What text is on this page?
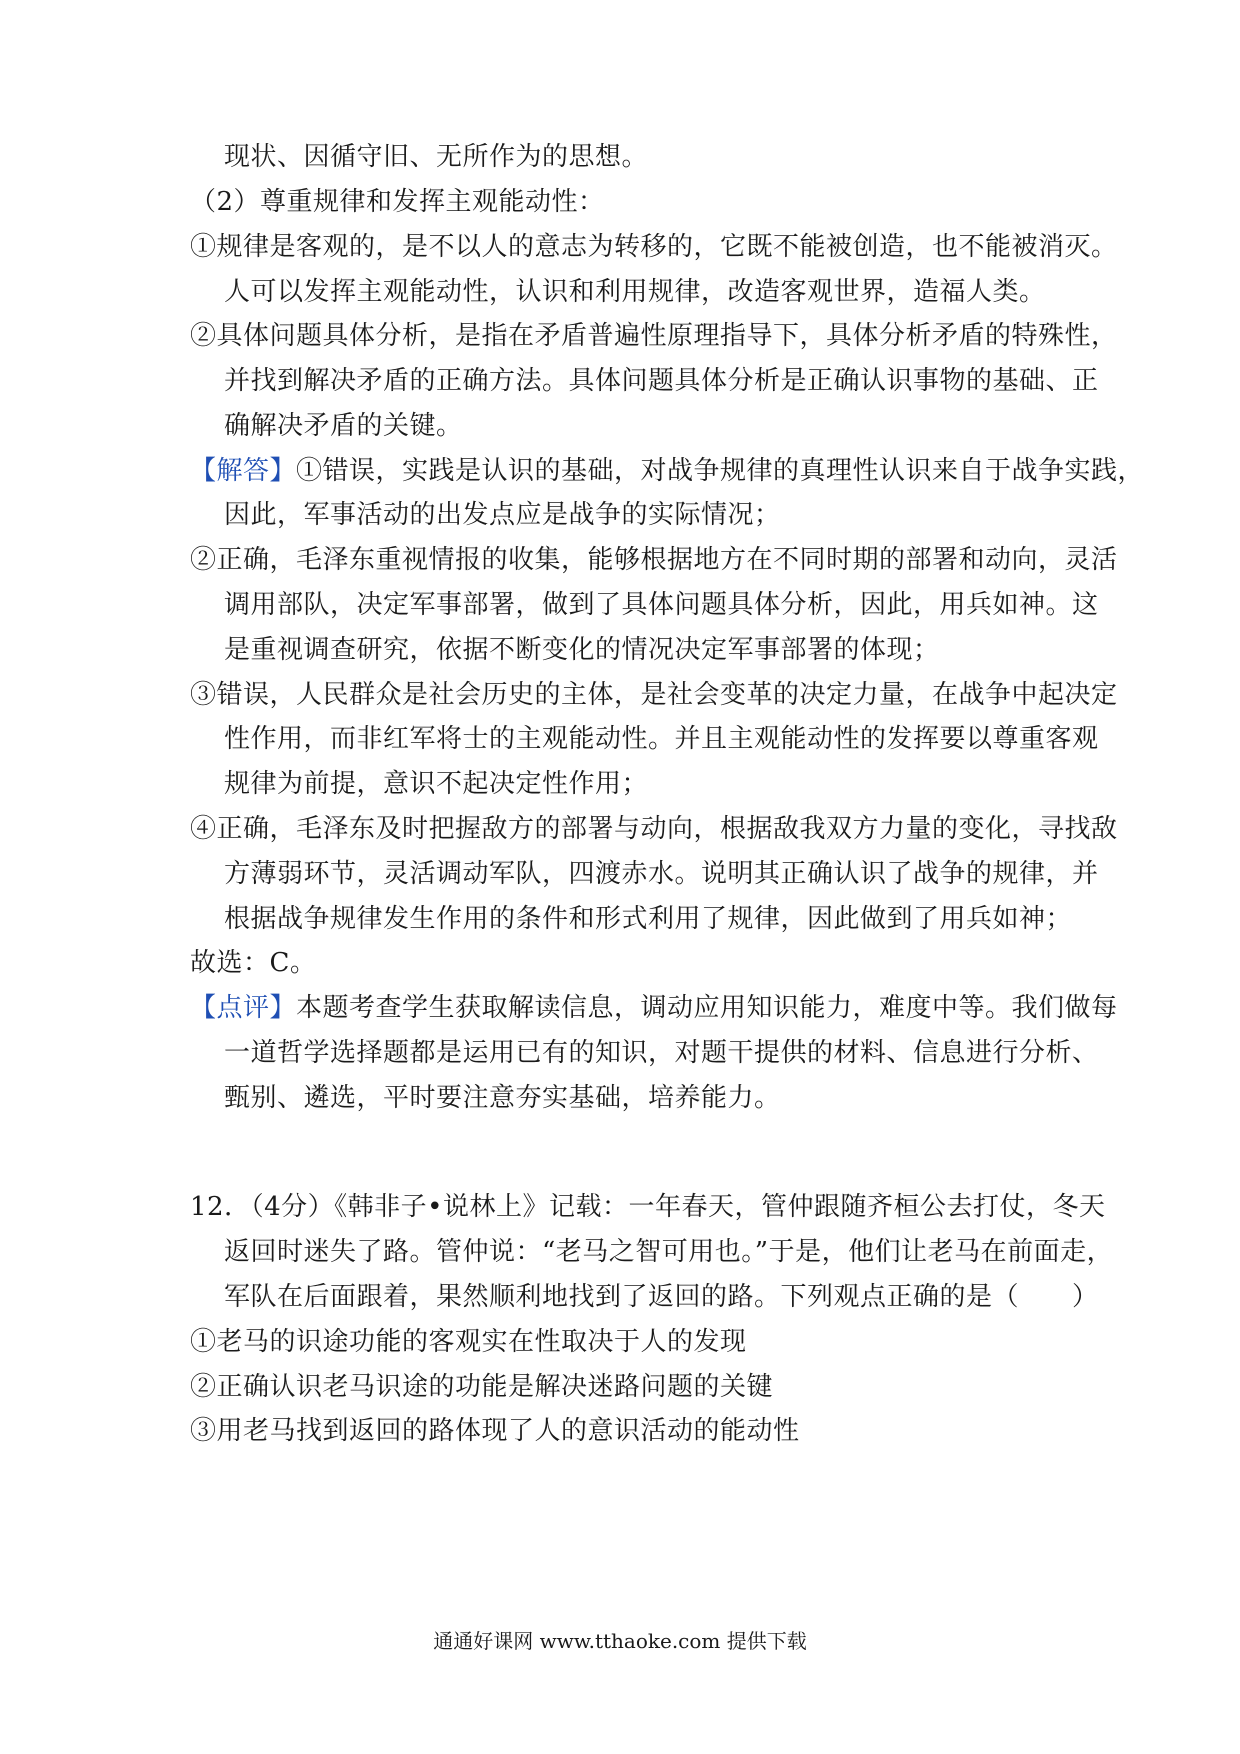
现状、因循守旧、无所作为的思想。
（2）尊重规律和发挥主观能动性：
①规律是客观的，是不以人的意志为转移的，它既不能被创造，也不能被消灭。
人可以发挥主观能动性，认识和利用规律，改造客观世界，造福人类。
②具体问题具体分析，是指在矛盾普遍性原理指导下，具体分析矛盾的特殊性，
并找到解决矛盾的正确方法。具体问题具体分析是正确认识事物的基础、正
确解决矛盾的关键。
【解答】①错误，实践是认识的基础，对战争规律的真理性认识来自于战争实践，
因此，军事活动的出发点应是战争的实际情况；
②正确，毛泽东重视情报的收集，能够根据地方在不同时期的部署和动向，灵活
调用部队，决定军事部署，做到了具体问题具体分析，因此，用兵如神。这
是重视调查研究，依据不断变化的情况决定军事部署的体现；
③错误，人民群众是社会历史的主体，是社会变革的决定力量，在战争中起决定
性作用，而非红军将士的主观能动性。并且主观能动性的发挥要以尊重客观
规律为前提，意识不起决定性作用；
④正确，毛泽东及时把握敌方的部署与动向，根据敌我双方力量的变化，寻找敌
方薄弱环节，灵活调动军队，四渡赤水。说明其正确认识了战争的规律，并
根据战争规律发生作用的条件和形式利用了规律，因此做到了用兵如神；
故选：C。
【点评】本题考查学生获取解读信息，调动应用知识能力，难度中等。我们做每
一道哲学选择题都是运用已有的知识，对题干提供的材料、信息进行分析、
甄别、遴选，平时要注意夯实基础，培养能力。
12．（4分）《韩非子•说林上》记载：一年春天，管仲跟随齐桓公去打仗，冬天
返回时迷失了路。管仲说：“老马之智可用也。”于是，他们让老马在前面走，
军队在后面跟着，果然顺利地找到了返回的路。下列观点正确的是（　　）
①老马的识途功能的客观实在性取决于人的发现
②正确认识老马识途的功能是解决迷路问题的关键
③用老马找到返回的路体现了人的意识活动的能动性
通通好课网 www.tthaoke.com 提供下载
